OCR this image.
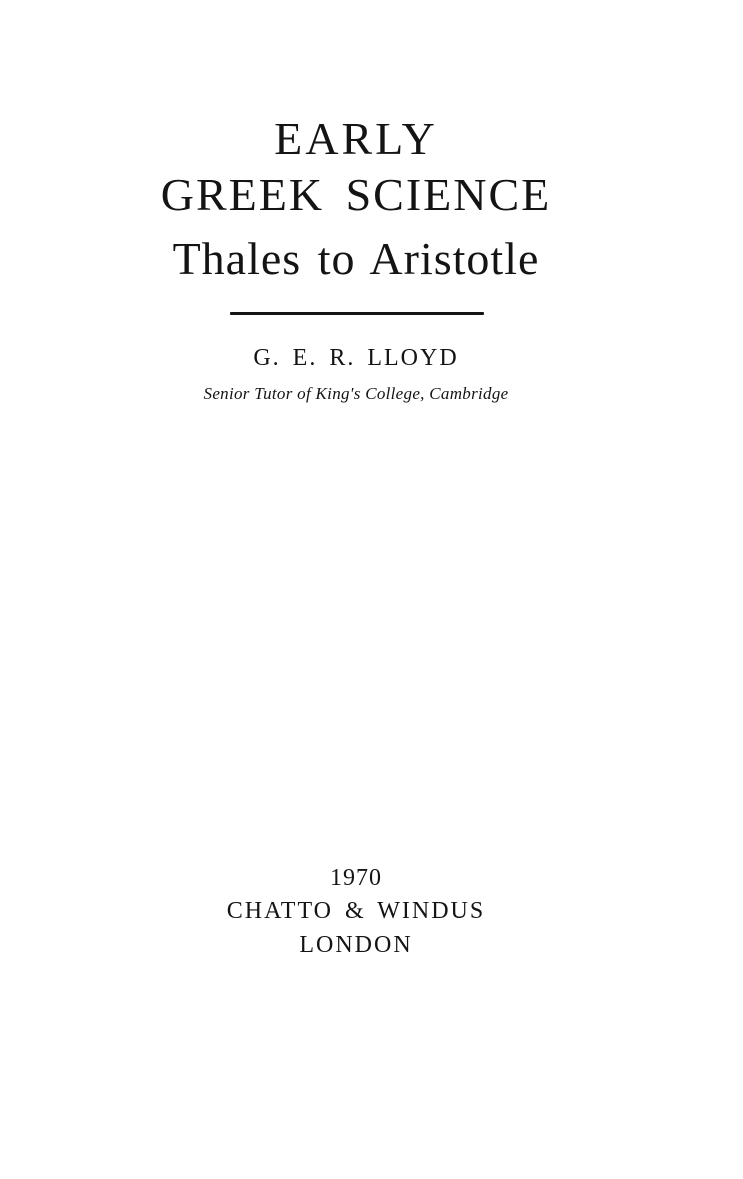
EARLY
GREEK SCIENCE
Thales to Aristotle
G. E. R. LLOYD
Senior Tutor of King's College, Cambridge
1970
CHATTO & WINDUS
LONDON
